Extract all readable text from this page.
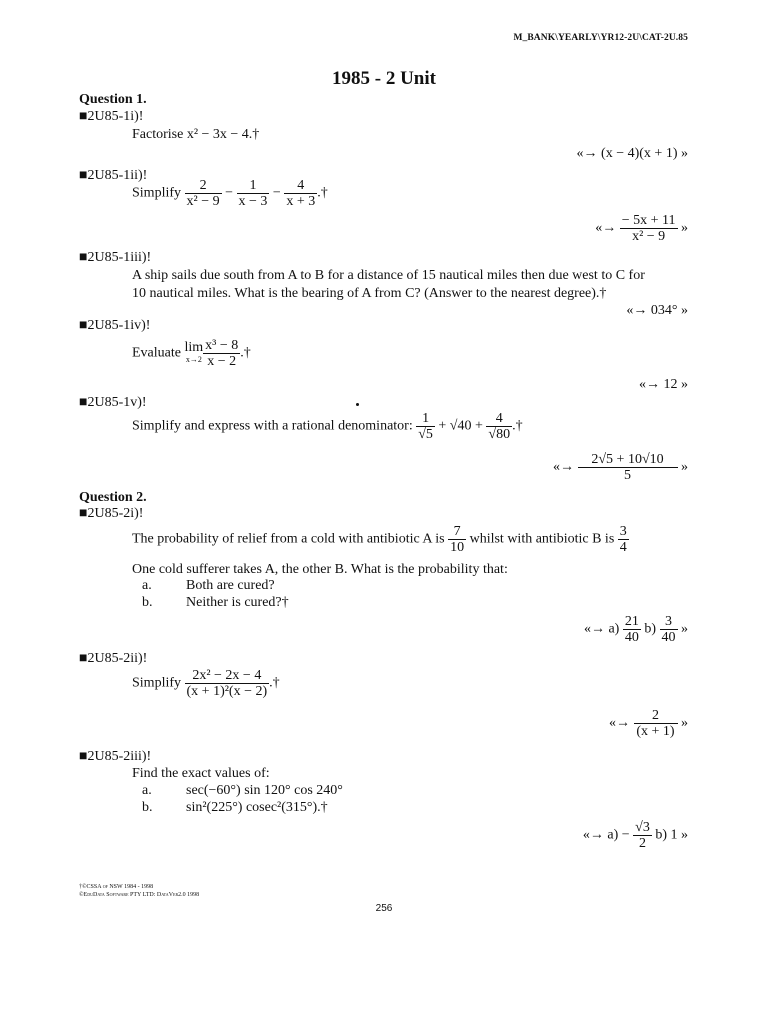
M_BANK\YEARLY\YR12-2U\CAT-2U.85
1985 - 2 Unit
Question 1.
■2U85-1i)!
Factorise x² − 3x − 4.†
«→ (x − 4)(x + 1) »
■2U85-1ii)!
Simplify $\frac{2}{\text{x² − 9}} - \frac{1}{x - 3} - \frac{4}{x + 3}$ .†
«→ $\frac{- 5x + 11}{\text{x² − 9}}$ »
■2U85-1iii)!
A ship sails due south from A to B for a distance of 15 nautical miles then due west to C for
10 nautical miles. What is the bearing of A from C? (Answer to the nearest degree).†
«→ 034° »
■2U85-1iv)!
Evaluate lim
$x\to 2 \frac{\text{x³ − 8}}{x - 2}$ .†
«→ 12 »
■2U85-1v)!
Simplify and express with a rational denominator: $\frac{1}{√5} + √40 + \frac{4}{√80}$ .†
«→ $\frac{2√5 + 10√10}{5}$ »
Question 2.
■2U85-2i)!
The probability of relief from a cold with antibiotic A is $\frac{7}{10}$ whilst with antibiotic B is $\frac{3}{4}$
One cold sufferer takes A, the other B. What is the probability that:
a. Both are cured?
b. Neither is cured?†
«→ $a) \frac{21}{40} b) \frac{3}{40}$ »
■2U85-2ii)!
Simplify $\frac{\text{2x² − 2x − 4}}{\text{(x + 1)²(x − 2)}}$ .†
«→ $\frac{2}{(x + 1)}$ »
■2U85-2iii)!
Find the exact values of:
a. sec(−60°) sin 120° cos 240°
b. sin²(225°) cosec²(315°).†
«→ $a) - \frac{√3}{2} b$) 1 »
†©CSSA of NSW 1984 - 1998
©EduData Software PTY LTD: DataVer2.0 1998
256
